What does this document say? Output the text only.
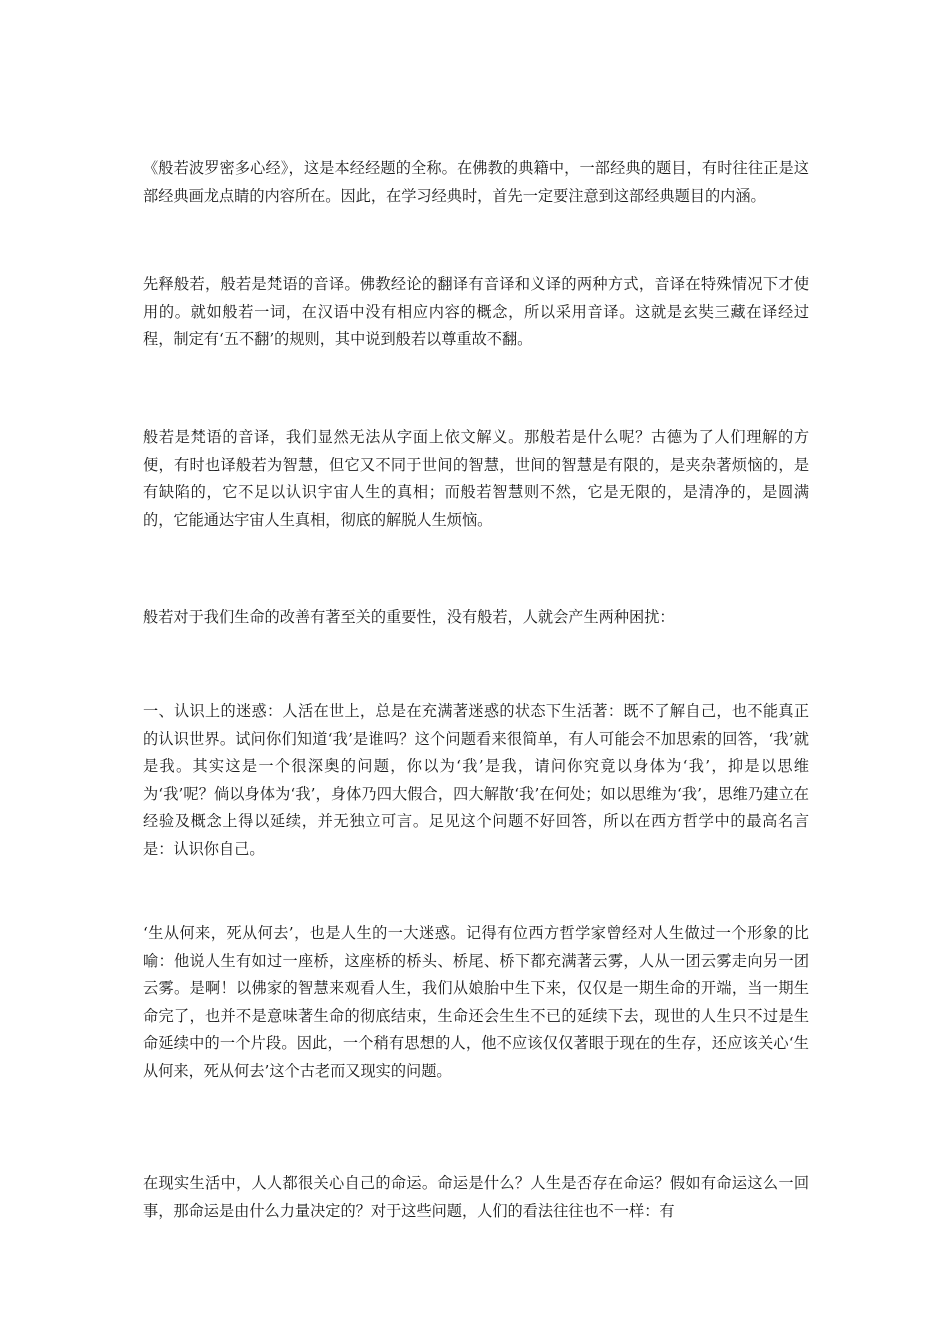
《般若波罗密多心经》，这是本经经题的全称。在佛教的典籍中，一部经典的题目，有时往往正是这部经典画龙点睛的内容所在。因此，在学习经典时，首先一定要注意到这部经典题目的内涵。

先释般若，般若是梵语的音译。佛教经论的翻译有音译和义译的两种方式，音译在特殊情况下才使用的。就如般若一词，在汉语中没有相应内容的概念，所以采用音译。这就是玄奘三藏在译经过程，制定有‘五不翻’的规则，其中说到般若以尊重故不翻。

般若是梵语的音译，我们显然无法从字面上依文解义。那般若是什么呢？古德为了人们理解的方便，有时也译般若为智慧，但它又不同于世间的智慧，世间的智慧是有限的，是夹杂著烦恼的，是有缺陷的，它不足以认识宇宙人生的真相；而般若智慧则不然，它是无限的，是清净的，是圆满的，它能通达宇宙人生真相，彻底的解脱人生烦恼。

般若对于我们生命的改善有著至关的重要性，没有般若，人就会产生两种困扰：

一、认识上的迷惑：人活在世上，总是在充满著迷惑的状态下生活著：既不了解自己，也不能真正的认识世界。试问你们知道‘我’是谁吗？这个问题看来很简单，有人可能会不加思索的回答，‘我’就是我。其实这是一个很深奥的问题，你以为‘我’是我，请问你究竟以身体为‘我’，抑是以思维为‘我’呢？倘以身体为‘我’，身体乃四大假合，四大解散‘我’在何处；如以思维为‘我’，思维乃建立在经验及概念上得以延续，并无独立可言。足见这个问题不好回答，所以在西方哲学中的最高名言是：认识你自己。

‘生从何来，死从何去’，也是人生的一大迷惑。记得有位西方哲学家曾经对人生做过一个形象的比喻：他说人生有如过一座桥，这座桥的桥头、桥尾、桥下都充满著云雾，人从一团云雾走向另一团云雾。是啊！以佛家的智慧来观看人生，我们从娘胎中生下来，仅仅是一期生命的开端，当一期生命完了，也并不是意味著生命的彻底结束，生命还会生生不已的延续下去，现世的人生只不过是生命延续中的一个片段。因此，一个稍有思想的人，他不应该仅仅著眼于现在的生存，还应该关心‘生从何来，死从何去’这个古老而又现实的问题。

在现实生活中，人人都很关心自己的命运。命运是什么？人生是否存在命运？假如有命运这么一回事，那命运是由什么力量决定的？对于这些问题，人们的看法往往也不一样：有
